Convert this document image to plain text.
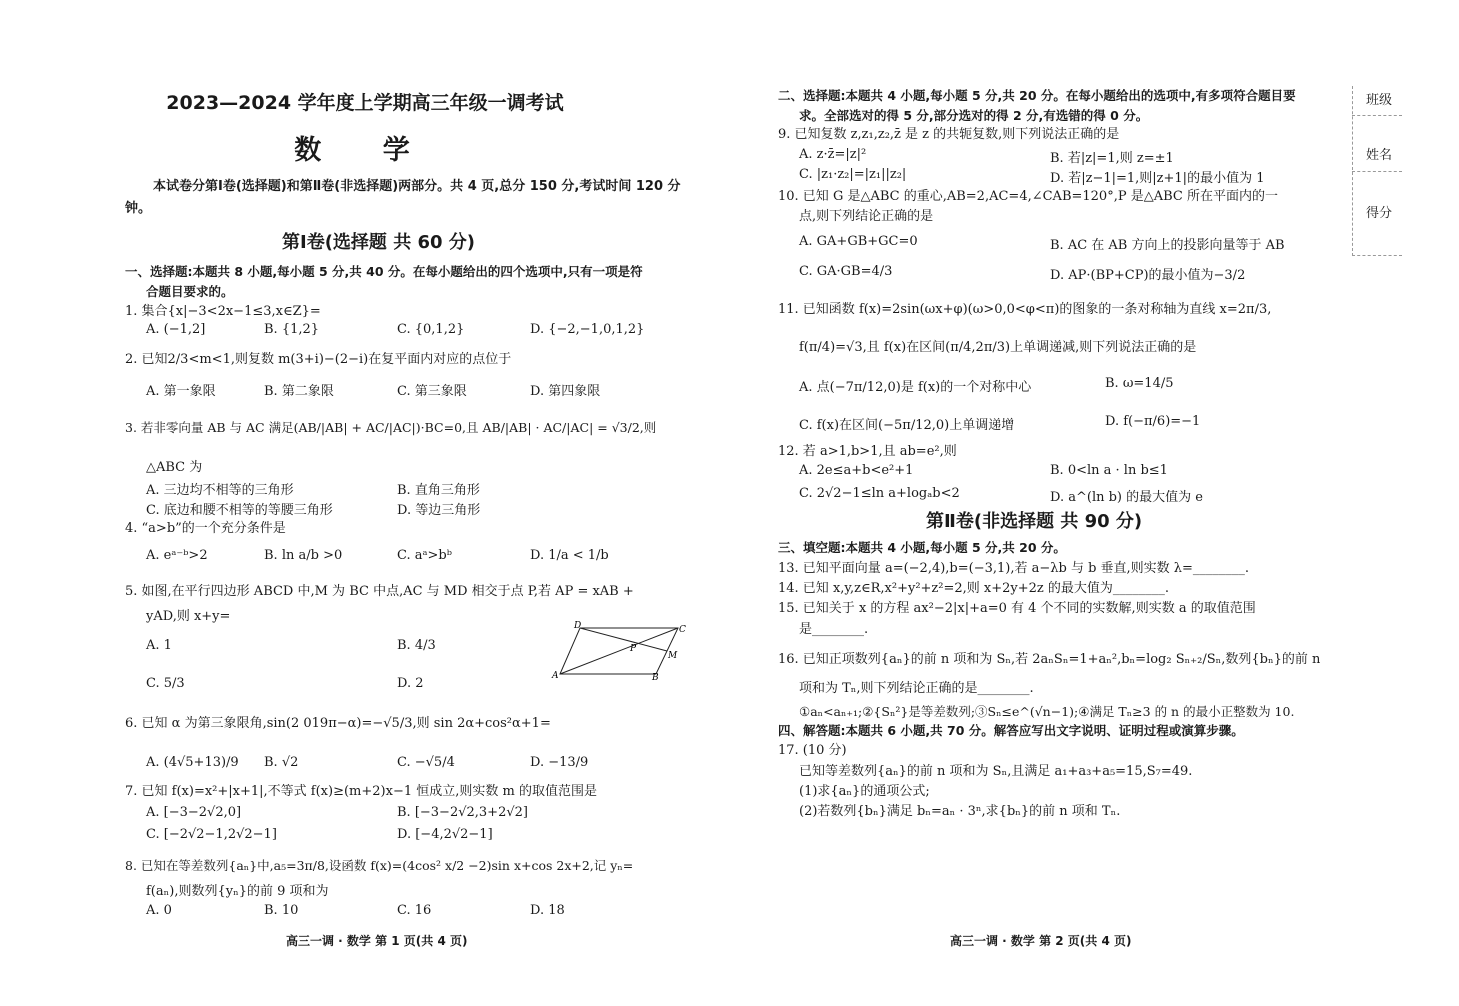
2023—2024 学年度上学期高三年级一调考试
数 学
本试卷分第Ⅰ卷(选择题)和第Ⅱ卷(非选择题)两部分。共 4 页,总分 150 分,考试时间 120 分钟。
第Ⅰ卷(选择题 共 60 分)
一、选择题:本题共 8 小题,每小题 5 分,共 40 分。在每小题给出的四个选项中,只有一项是符
合题目要求的。
1. 集合{x|−3<2x−1≤3,x∈Z}=
A. (−1,2]	B. {1,2}	C. {0,1,2}	D. {−2,−1,0,1,2}
2. 已知2/3<m<1,则复数 m(3+i)−(2−i)在复平面内对应的点位于
A. 第一象限	B. 第二象限	C. 第三象限	D. 第四象限
3. 若非零向量 AB 与 AC 满足(AB/|AB| + AC/|AC|)·BC=0,且 AB/|AB| · AC/|AC| = √3/2,则
△ABC 为
A. 三边均不相等的三角形	B. 直角三角形
C. 底边和腰不相等的等腰三角形	D. 等边三角形
4. “a>b”的一个充分条件是
A. eᵃ⁻ᵇ>2	B. ln a/b >0	C. aᵃ>bᵇ	D. 1/a < 1/b
5. 如图,在平行四边形 ABCD 中,M 为 BC 中点,AC 与 MD 相交于点 P,若 AP = xAB +
yAD,则 x+y=
A. 1	B. 4/3
C. 5/3	D. 2
D	C
P
M
A	B
6. 已知 α 为第三象限角,sin(2 019π−α)=−√5/3,则 sin 2α+cos²α+1=
A. (4√5+13)/9 B. √2	C. −√5/4	D. −13/9
7. 已知 f(x)=x²+|x+1|,不等式 f(x)≥(m+2)x−1 恒成立,则实数 m 的取值范围是
A. [−3−2√2,0]	B. [−3−2√2,3+2√2]
C. [−2√2−1,2√2−1]	D. [−4,2√2−1]
8. 已知在等差数列{aₙ}中,a₅=3π/8,设函数 f(x)=(4cos² x/2 −2)sin x+cos 2x+2,记 yₙ=
f(aₙ),则数列{yₙ}的前 9 项和为
A. 0	B. 10	C. 16	D. 18
高三一调 · 数学 第 1 页(共 4 页)
二、选择题:本题共 4 小题,每小题 5 分,共 20 分。在每小题给出的选项中,有多项符合题目要
求。全部选对的得 5 分,部分选对的得 2 分,有选错的得 0 分。
9. 已知复数 z,z₁,z₂,z̄ 是 z 的共轭复数,则下列说法正确的是
A. z·z̄=|z|²	B. 若|z|=1,则 z=±1
C. |z₁·z₂|=|z₁||z₂|	D. 若|z−1|=1,则|z+1|的最小值为 1
10. 已知 G 是△ABC 的重心,AB=2,AC=4,∠CAB=120°,P 是△ABC 所在平面内的一
点,则下列结论正确的是
A. GA+GB+GC=0	B. AC 在 AB 方向上的投影向量等于 AB
C. GA·GB=4/3	D. AP·(BP+CP)的最小值为−3/2
11. 已知函数 f(x)=2sin(ωx+φ)(ω>0,0<φ<π)的图象的一条对称轴为直线 x=2π/3,
f(π/4)=√3,且 f(x)在区间(π/4,2π/3)上单调递减,则下列说法正确的是
A. 点(−7π/12,0)是 f(x)的一个对称中心	B. ω=14/5
C. f(x)在区间(−5π/12,0)上单调递增	D. f(−π/6)=−1
12. 若 a>1,b>1,且 ab=e²,则
A. 2e≤a+b<e²+1	B. 0<ln a · ln b≤1
C. 2√2−1≤ln a+logₐb<2	D. a^(ln b) 的最大值为 e
第Ⅱ卷(非选择题 共 90 分)
三、填空题:本题共 4 小题,每小题 5 分,共 20 分。
13. 已知平面向量 a=(−2,4),b=(−3,1),若 a−λb 与 b 垂直,则实数 λ=________.
14. 已知 x,y,z∈R,x²+y²+z²=2,则 x+2y+2z 的最大值为________.
15. 已知关于 x 的方程 ax²−2|x|+a=0 有 4 个不同的实数解,则实数 a 的取值范围
是________.
16. 已知正项数列{aₙ}的前 n 项和为 Sₙ,若 2aₙSₙ=1+aₙ²,bₙ=log₂ Sₙ₊₂/Sₙ,数列{bₙ}的前 n
项和为 Tₙ,则下列结论正确的是________.
①aₙ<aₙ₊₁;②{Sₙ²}是等差数列;③Sₙ≤e^(√n−1);④满足 Tₙ≥3 的 n 的最小正整数为 10.
四、解答题:本题共 6 小题,共 70 分。解答应写出文字说明、证明过程或演算步骤。
17. (10 分)
已知等差数列{aₙ}的前 n 项和为 Sₙ,且满足 a₁+a₃+a₅=15,S₇=49.
(1)求{aₙ}的通项公式;
(2)若数列{bₙ}满足 bₙ=aₙ · 3ⁿ,求{bₙ}的前 n 项和 Tₙ.
高三一调 · 数学 第 2 页(共 4 页)
班级
姓名
得分
